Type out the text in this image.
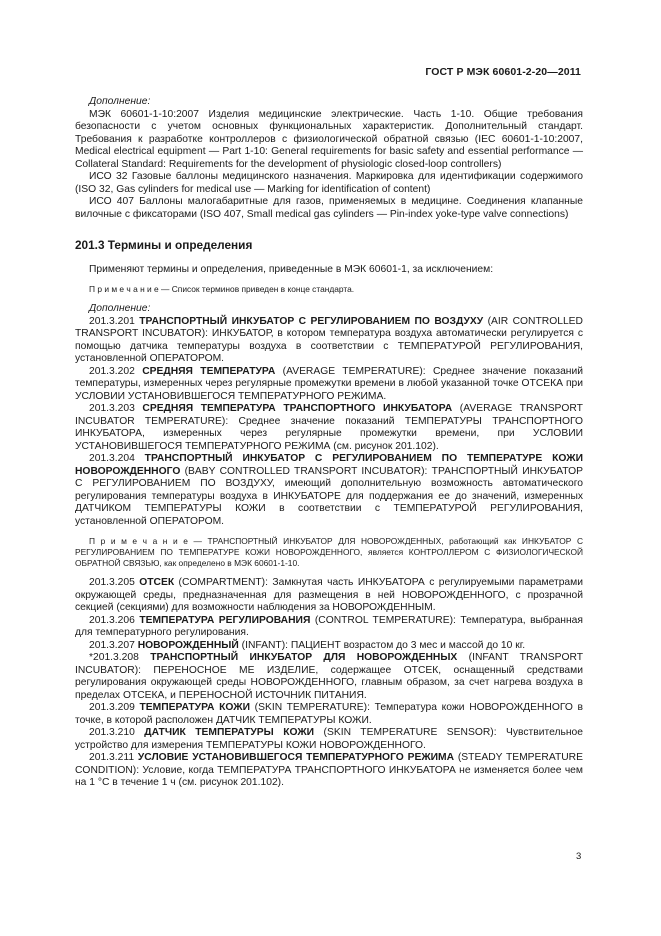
ГОСТ Р МЭК 60601-2-20—2011

Дополнение:

МЭК 60601-1-10:2007 Изделия медицинские электрические. Часть 1-10. Общие требования безопасности с учетом основных функциональных характеристик. Дополнительный стандарт. Требования к разработке контроллеров с физиологической обратной связью (IEC 60601-1-10:2007, Medical electrical equipment — Part 1-10: General requirements for basic safety and essential performance — Collateral Standard: Requirements for the development of physiologic closed-loop controllers)

ИСО 32 Газовые баллоны медицинского назначения. Маркировка для идентификации содержимого (ISO 32, Gas cylinders for medical use — Marking for identification of content)

ИСО 407 Баллоны малогабаритные для газов, применяемых в медицине. Соединения клапанные вилочные с фиксаторами (ISO 407, Small medical gas cylinders — Pin-index yoke-type valve connections)

201.3 Термины и определения

Применяют термины и определения, приведенные в МЭК 60601-1, за исключением:

П р и м е ч а н и е — Список терминов приведен в конце стандарта.

Дополнение:

201.3.201 ТРАНСПОРТНЫЙ ИНКУБАТОР С РЕГУЛИРОВАНИЕМ ПО ВОЗДУХУ (AIR CONTROLLED TRANSPORT INCUBATOR): ИНКУБАТОР, в котором температура воздуха автоматически регулируется с помощью датчика температуры воздуха в соответствии с ТЕМПЕРАТУРОЙ РЕГУЛИРОВАНИЯ, установленной ОПЕРАТОРОМ.

201.3.202 СРЕДНЯЯ ТЕМПЕРАТУРА (AVERAGE TEMPERATURE): Среднее значение показаний температуры, измеренных через регулярные промежутки времени в любой указанной точке ОТСЕКА при УСЛОВИИ УСТАНОВИВШЕГОСЯ ТЕМПЕРАТУРНОГО РЕЖИМА.

201.3.203 СРЕДНЯЯ ТЕМПЕРАТУРА ТРАНСПОРТНОГО ИНКУБАТОРА (AVERAGE TRANSPORT INCUBATOR TEMPERATURE): Среднее значение показаний ТЕМПЕРАТУРЫ ТРАНСПОРТНОГО ИНКУБАТОРА, измеренных через регулярные промежутки времени, при УСЛОВИИ УСТАНОВИВШЕГОСЯ ТЕМПЕРАТУРНОГО РЕЖИМА (см. рисунок 201.102).

201.3.204 ТРАНСПОРТНЫЙ ИНКУБАТОР С РЕГУЛИРОВАНИЕМ ПО ТЕМПЕРАТУРЕ КОЖИ НОВОРОЖДЕННОГО (BABY CONTROLLED TRANSPORT INCUBATOR): ТРАНСПОРТНЫЙ ИНКУБАТОР С РЕГУЛИРОВАНИЕМ ПО ВОЗДУХУ, имеющий дополнительную возможность автоматического регулирования температуры воздуха в ИНКУБАТОРЕ для поддержания ее до значений, измеренных ДАТЧИКОМ ТЕМПЕРАТУРЫ КОЖИ в соответствии с ТЕМПЕРАТУРОЙ РЕГУЛИРОВАНИЯ, установленной ОПЕРАТОРОМ.

П р и м е ч а н и е — ТРАНСПОРТНЫЙ ИНКУБАТОР ДЛЯ НОВОРОЖДЕННЫХ, работающий как ИНКУБАТОР С РЕГУЛИРОВАНИЕМ ПО ТЕМПЕРАТУРЕ КОЖИ НОВОРОЖДЕННОГО, является КОНТРОЛЛЕРОМ С ФИЗИОЛОГИЧЕСКОЙ ОБРАТНОЙ СВЯЗЬЮ, как определено в МЭК 60601-1-10.

201.3.205 ОТСЕК (COMPARTMENT): Замкнутая часть ИНКУБАТОРА с регулируемыми параметрами окружающей среды, предназначенная для размещения в ней НОВОРОЖДЕННОГО, с прозрачной секцией (секциями) для возможности наблюдения за НОВОРОЖДЕННЫМ.

201.3.206 ТЕМПЕРАТУРА РЕГУЛИРОВАНИЯ (CONTROL TEMPERATURE): Температура, выбранная для температурного регулирования.

201.3.207 НОВОРОЖДЕННЫЙ (INFANT): ПАЦИЕНТ возрастом до 3 мес и массой до 10 кг.

*201.3.208 ТРАНСПОРТНЫЙ ИНКУБАТОР ДЛЯ НОВОРОЖДЕННЫХ (INFANT TRANSPORT INCUBATOR): ПЕРЕНОСНОЕ МЕ ИЗДЕЛИЕ, содержащее ОТСЕК, оснащенный средствами регулирования окружающей среды НОВОРОЖДЕННОГО, главным образом, за счет нагрева воздуха в пределах ОТСЕКА, и ПЕРЕНОСНОЙ ИСТОЧНИК ПИТАНИЯ.

201.3.209 ТЕМПЕРАТУРА КОЖИ (SKIN TEMPERATURE): Температура кожи НОВОРОЖДЕННОГО в точке, в которой расположен ДАТЧИК ТЕМПЕРАТУРЫ КОЖИ.

201.3.210 ДАТЧИК ТЕМПЕРАТУРЫ КОЖИ (SKIN TEMPERATURE SENSOR): Чувствительное устройство для измерения ТЕМПЕРАТУРЫ КОЖИ НОВОРОЖДЕННОГО.

201.3.211 УСЛОВИЕ УСТАНОВИВШЕГОСЯ ТЕМПЕРАТУРНОГО РЕЖИМА (STEADY TEMPERATURE CONDITION): Условие, когда ТЕМПЕРАТУРА ТРАНСПОРТНОГО ИНКУБАТОРА не изменяется более чем на 1 °С в течение 1 ч (см. рисунок 201.102).

3
